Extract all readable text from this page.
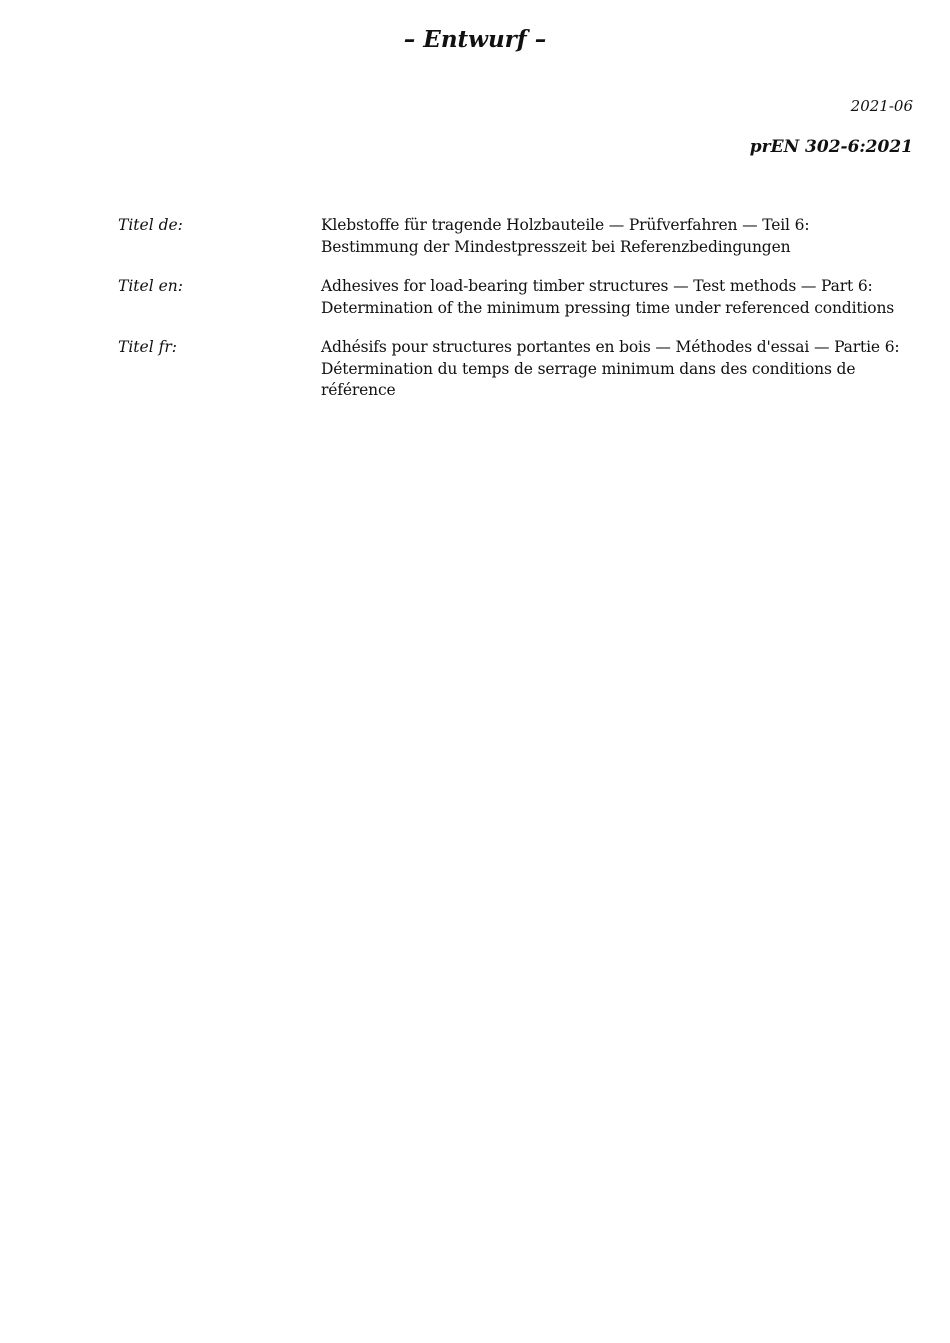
– Entwurf –
2021-06
prEN 302-6:2021
Titel de:	Klebstoffe für tragende Holzbauteile — Prüfverfahren — Teil 6:
Bestimmung der Mindestpresszeit bei Referenzbedingungen
Titel en:	Adhesives for load-bearing timber structures — Test methods — Part 6:
Determination of the minimum pressing time under referenced conditions
Titel fr:	Adhésifs pour structures portantes en bois — Méthodes d'essai — Partie 6:
Détermination du temps de serrage minimum dans des conditions de
référence
